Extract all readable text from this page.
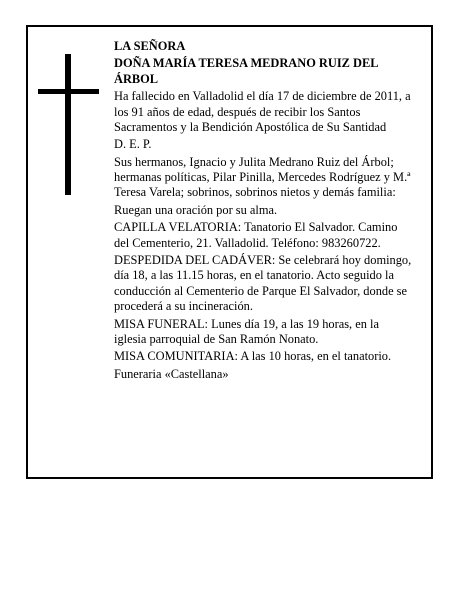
LA SEÑORA

DOÑA MARÍA TERESA MEDRANO RUIZ DEL ÁRBOL

Ha fallecido en Valladolid el día 17 de diciembre de 2011, a los 91 años de edad, después de recibir los Santos Sacramentos y la Bendición Apostólica de Su Santidad

D. E. P.

Sus hermanos, Ignacio y Julita Medrano Ruiz del Árbol; hermanas políticas, Pilar Pinilla, Mercedes Rodríguez y M.ª Teresa Varela; sobrinos, sobrinos nietos y demás familia:

Ruegan una oración por su alma.

CAPILLA VELATORIA: Tanatorio El Salvador. Camino del Cementerio, 21. Valladolid. Teléfono: 983260722.

DESPEDIDA DEL CADÁVER: Se celebrará hoy domingo, día 18, a las 11.15 horas, en el tanatorio. Acto seguido la conducción al Cementerio de Parque El Salvador, donde se procederá a su incineración.

MISA FUNERAL: Lunes día 19, a las 19 horas, en la iglesia parroquial de San Ramón Nonato.

MISA COMUNITARIA: A las 10 horas, en el tanatorio.

Funeraria «Castellana»
